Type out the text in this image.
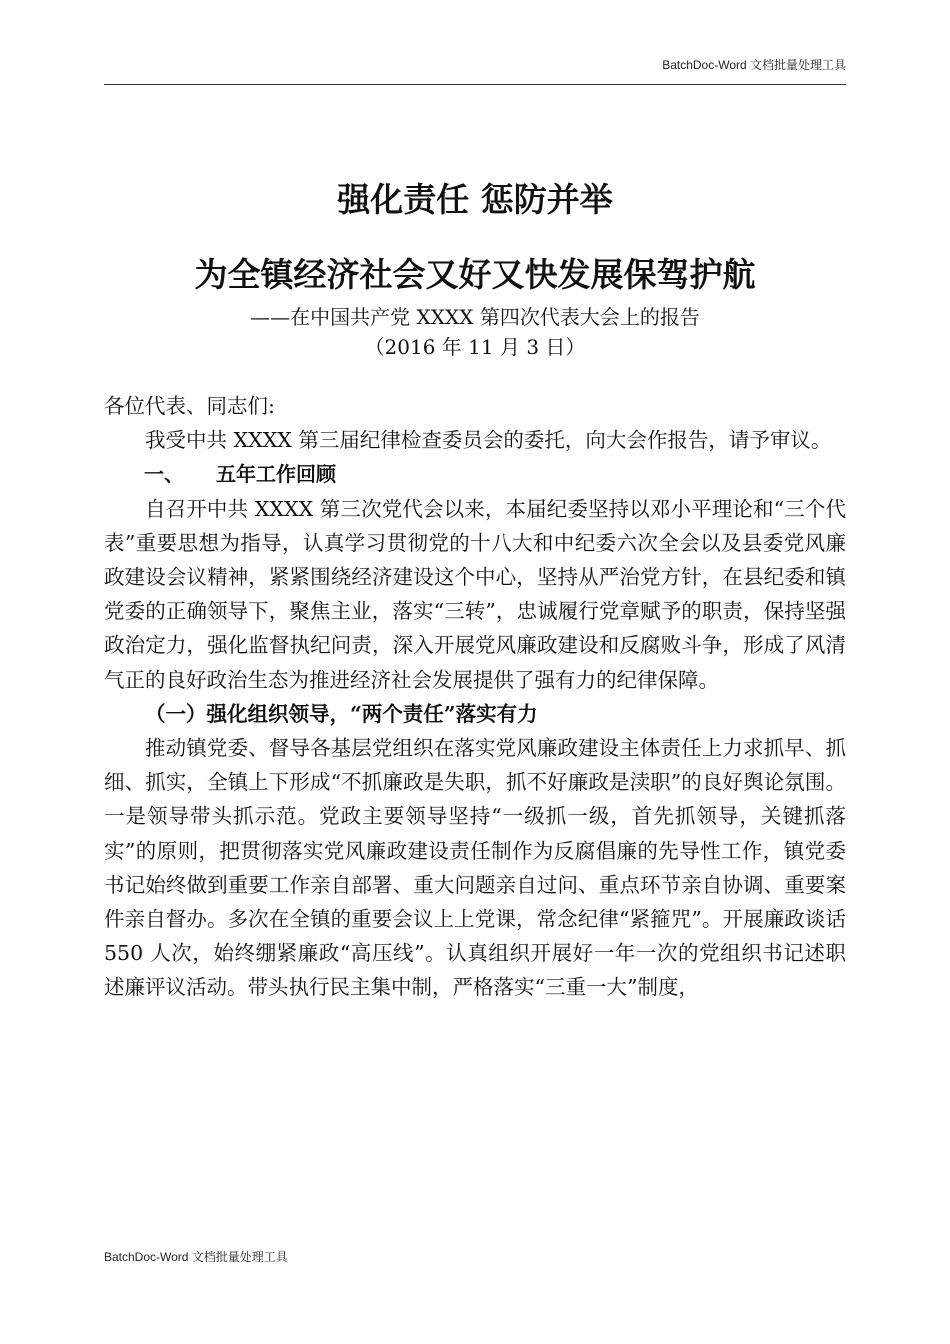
BatchDoc-Word 文档批量处理工具
强化责任 惩防并举
为全镇经济社会又好又快发展保驾护航
——在中国共产党 XXXX 第四次代表大会上的报告
（2016 年 11 月 3 日）

各位代表、同志们:

我受中共 XXXX 第三届纪律检查委员会的委托，向大会作报告，请予审议。

一、 五年工作回顾

自召开中共 XXXX 第三次党代会以来，本届纪委坚持以邓小平理论和“三个代表”重要思想为指导，认真学习贯彻党的十八大和中纪委六次全会以及县委党风廉政建设会议精神，紧紧围绕经济建设这个中心，坚持从严治党方针，在县纪委和镇党委的正确领导下，聚焦主业，落实“三转”，忠诚履行党章赋予的职责，保持坚强政治定力，强化监督执纪问责，深入开展党风廉政建设和反腐败斗争，形成了风清气正的良好政治生态为推进经济社会发展提供了强有力的纪律保障。

（一）强化组织领导，“两个责任”落实有力

推动镇党委、督导各基层党组织在落实党风廉政建设主体责任上力求抓早、抓细、抓实，全镇上下形成“不抓廉政是失职，抓不好廉政是渎职”的良好舆论氛围。一是领导带头抓示范。党政主要领导坚持“一级抓一级，首先抓领导，关键抓落实”的原则，把贯彻落实党风廉政建设责任制作为反腐倡廉的先导性工作，镇党委书记始终做到重要工作亲自部署、重大问题亲自过问、重点环节亲自协调、重要案件亲自督办。多次在全镇的重要会议上上党课，常念纪律“紧箍咒”。开展廉政谈话 550 人次，始终绷紧廉政“高压线”。认真组织开展好一年一次的党组织书记述职述廉评议活动。带头执行民主集中制，严格落实“三重一大”制度，

BatchDoc-Word 文档批量处理工具
